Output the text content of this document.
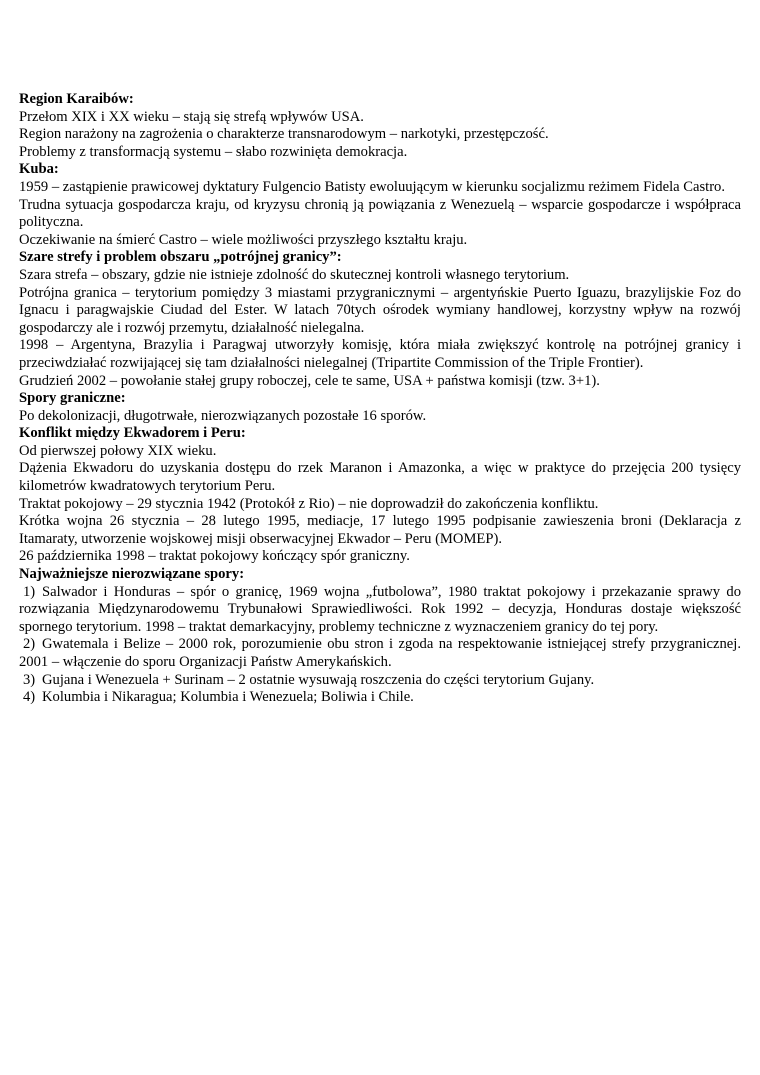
Region Karaibów:

Przełom XIX i XX wieku – stają się strefą wpływów USA.

Region narażony na zagrożenia o charakterze transnarodowym – narkotyki, przestępczość.

Problemy z transformacją systemu – słabo rozwinięta demokracja.

Kuba:

1959 – zastąpienie prawicowej dyktatury Fulgencio Batisty ewoluującym w kierunku socjalizmu reżimem Fidela Castro.

Trudna sytuacja gospodarcza kraju, od kryzysu chronią ją powiązania z Wenezuelą – wsparcie gospodarcze i współpraca polityczna.

Oczekiwanie na śmierć Castro – wiele możliwości przyszłego kształtu kraju.

Szare strefy i problem obszaru „potrójnej granicy”:

Szara strefa – obszary, gdzie nie istnieje zdolność do skutecznej kontroli własnego terytorium.

Potrójna granica – terytorium pomiędzy 3 miastami przygranicznymi – argentyńskie Puerto Iguazu, brazylijskie Foz do Ignacu i paragwajskie Ciudad del Ester. W latach 70tych ośrodek wymiany handlowej, korzystny wpływ na rozwój gospodarczy ale i rozwój przemytu, działalność nielegalna.

1998 – Argentyna, Brazylia i Paragwaj utworzyły komisję, która miała zwiększyć kontrolę na potrójnej granicy i przeciwdziałać rozwijającej się tam działalności nielegalnej (Tripartite Commission of the Triple Frontier).

Grudzień 2002 – powołanie stałej grupy roboczej, cele te same, USA + państwa komisji (tzw. 3+1).

Spory graniczne:

Po dekolonizacji, długotrwałe, nierozwiązanych pozostałe 16 sporów.

Konflikt między Ekwadorem i Peru:

Od pierwszej połowy XIX wieku.

Dążenia Ekwadoru do uzyskania dostępu do rzek Maranon i Amazonka, a więc w praktyce do przejęcia 200 tysięcy kilometrów kwadratowych terytorium Peru.

Traktat pokojowy – 29 stycznia 1942 (Protokół z Rio) – nie doprowadził do zakończenia konfliktu.

Krótka wojna 26 stycznia – 28 lutego 1995, mediacje, 17 lutego 1995 podpisanie zawieszenia broni (Deklaracja z Itamaraty, utworzenie wojskowej misji obserwacyjnej Ekwador – Peru (MOMEP).

26 października 1998 – traktat pokojowy kończący spór graniczny.

Najważniejsze nierozwiązane spory:

1) Salwador i Honduras – spór o granicę, 1969 wojna „futbolowa”, 1980 traktat pokojowy i przekazanie sprawy do rozwiązania Międzynarodowemu Trybunałowi Sprawiedliwości. Rok 1992 – decyzja, Honduras dostaje większość spornego terytorium. 1998 – traktat demarkacyjny, problemy techniczne z wyznaczeniem granicy do tej pory.
2) Gwatemala i Belize – 2000 rok, porozumienie obu stron i zgoda na respektowanie istniejącej strefy przygranicznej. 2001 – włączenie do sporu Organizacji Państw Amerykańskich.
3) Gujana i Wenezuela + Surinam – 2 ostatnie wysuwają roszczenia do części terytorium Gujany.
4) Kolumbia i Nikaragua; Kolumbia i Wenezuela; Boliwia i Chile.
